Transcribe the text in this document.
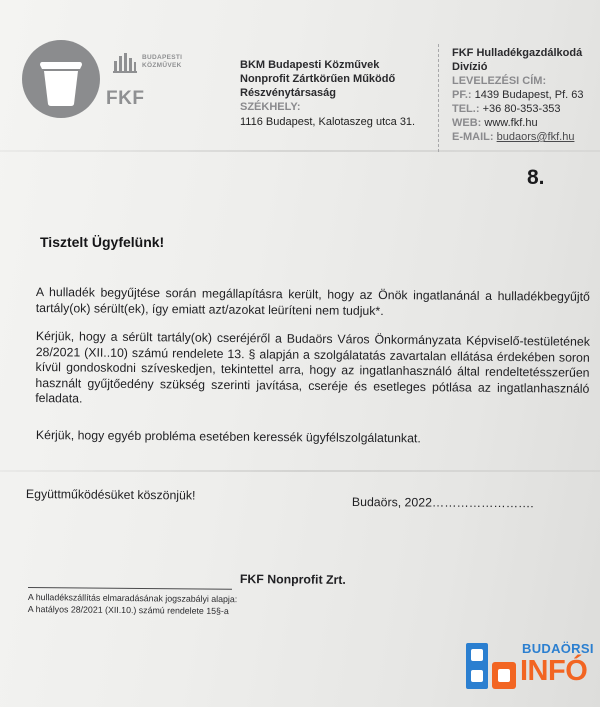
FKF
BUDAPESTI
KÖZMŰVEK	BKM Budapesti Közművek
Nonprofit Zártkörűen Működő
Részvénytársaság
SZÉKHELY:
1116 Budapest, Kalotaszeg utca 31.
FKF Hulladékgazdálkodá
Divízió
LEVELEZÉSI CÍM:
PF.: 1439 Budapest, Pf. 63
TEL.: +36 80-353-353
WEB: www.fkf.hu
E-MAIL: budaors@fkf.hu
8.
Tisztelt Ügyfelünk!
A hulladék begyűjtése során megállapításra került, hogy az Önök ingatlanánál a hulladékbegyűjtő tartály(ok) sérült(ek), így emiatt azt/azokat leüríteni nem tudjuk*.
Kérjük, hogy a sérült tartály(ok) cseréjéről a Budaörs Város Önkormányzata Képviselő-testületének 28/2021 (XII..10) számú rendelete 13. § alapján a szolgálatatás zavartalan ellátása érdekében soron kívül gondoskodni szíveskedjen, tekintettel arra, hogy az ingatlanhasználó által rendeltetésszerűen használt gyűjtőedény szükség szerinti javítása, cseréje és esetleges pótlása az ingatlanhasználó feladata.
Kérjük, hogy egyéb probléma esetében keressék ügyfélszolgálatunkat.
Együttműködésüket köszönjük!
Budaörs, 2022…………………….
FKF Nonprofit Zrt.
A hulladékszállítás elmaradásának jogszabályi alapja:
A hatályos 28/2021 (XII.10.) számú rendelete 15§-a
BUDAÖRSI
INFÓ
